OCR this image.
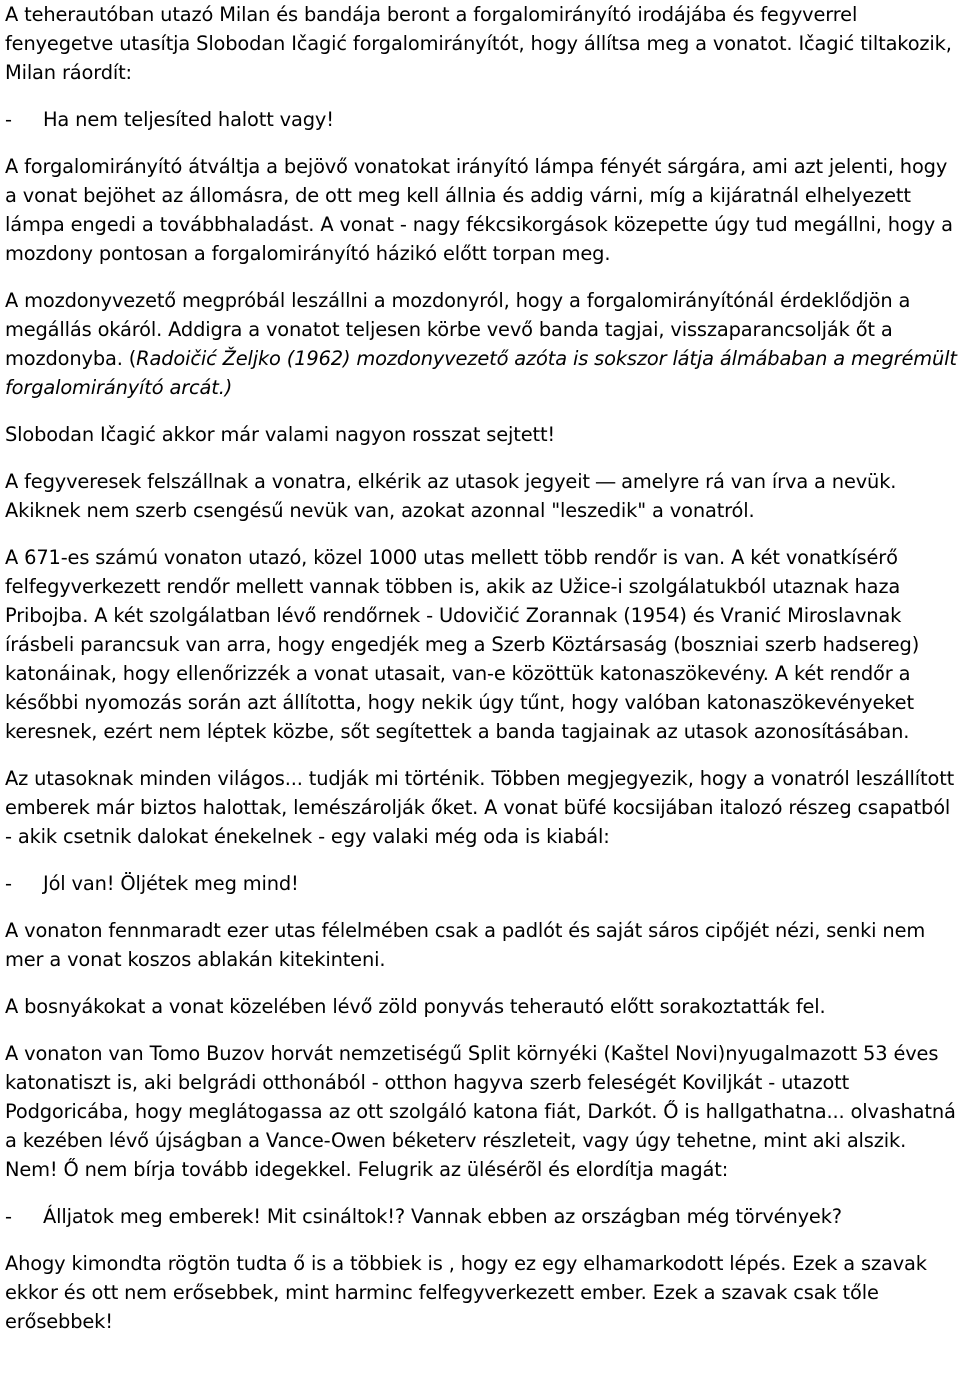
A teherautóban utazó Milan és bandája beront a forgalomirányító irodájába és fegyverrel fenyegetve utasítja Slobodan Ičagić forgalomirányítót, hogy állítsa meg a vonatot. Ičagić tiltakozik, Milan ráordít:

- Ha nem teljesíted halott vagy!

A forgalomirányító átváltja a bejövő vonatokat irányító lámpa fényét sárgára, ami azt jelenti, hogy a vonat bejöhet az állomásra, de ott meg kell állnia és addig várni, míg a kijáratnál elhelyezett lámpa engedi a továbbhaladást. A vonat - nagy fékcsikorgások közepette úgy tud megállni, hogy a mozdony pontosan a forgalomirányító házikó előtt torpan meg.

A mozdonyvezető megpróbál leszállni a mozdonyról, hogy a forgalomirányítónál érdeklődjön a megállás okáról. Addigra a vonatot teljesen körbe vevő banda tagjai, visszaparancsolják őt a mozdonyba. (Radoičić Željko (1962) mozdonyvezető azóta is sokszor látja álmábaban a megrémült forgalomirányító arcát.)

Slobodan Ičagić akkor már valami nagyon rosszat sejtett!

A fegyveresek felszállnak a vonatra, elkérik az utasok jegyeit ― amelyre rá van írva a nevük. Akiknek nem szerb csengésű nevük van, azokat azonnal "leszedik" a vonatról.

A 671-es számú vonaton utazó, közel 1000 utas mellett több rendőr is van. A két vonatkísérő felfegyverkezett rendőr mellett vannak többen is, akik az Užice-i szolgálatukból utaznak haza Pribojba. A két szolgálatban lévő rendőrnek - Udovičić Zorannak (1954) és Vranić Miroslavnak írásbeli parancsuk van arra, hogy engedjék meg a Szerb Köztársaság (boszniai szerb hadsereg) katonáinak, hogy ellenőrizzék a vonat utasait, van-e közöttük katonaszökevény. A két rendőr a későbbi nyomozás során azt állította, hogy nekik úgy tűnt, hogy valóban katonaszökevényeket keresnek, ezért nem léptek közbe, sőt segítettek a banda tagjainak az utasok azonosításában.

Az utasoknak minden világos... tudják mi történik. Többen megjegyezik, hogy a vonatról leszállított emberek már biztos halottak, lemészárolják őket. A vonat büfé kocsijában italozó részeg csapatból - akik csetnik dalokat énekelnek - egy valaki még oda is kiabál:

- Jól van! Öljétek meg mind!

A vonaton fennmaradt ezer utas félelmében csak a padlót és saját sáros cipőjét nézi, senki nem mer a vonat koszos ablakán kitekinteni.

A bosnyákokat a vonat közelében lévő zöld ponyvás teherautó előtt sorakoztatták fel.

A vonaton van Tomo Buzov horvát nemzetiségű Split környéki (Kaštel Novi)nyugalmazott 53 éves katonatiszt is, aki belgrádi otthonából - otthon hagyva szerb feleségét Koviljkát - utazott Podgoricába, hogy meglátogassa az ott szolgáló katona fiát, Darkót. Ő is hallgathatna... olvashatná a kezében lévő újságban a Vance-Owen béketerv részleteit, vagy úgy tehetne, mint aki alszik. Nem! Ő nem bírja tovább idegekkel. Felugrik az ülésérõl és elordítja magát:

- Álljatok meg emberek! Mit csináltok!? Vannak ebben az országban még törvények?

Ahogy kimondta rögtön tudta ő is a többiek is , hogy ez egy elhamarkodott lépés. Ezek a szavak ekkor és ott nem erősebbek, mint harminc felfegyverkezett ember. Ezek a szavak csak tőle erősebbek!
